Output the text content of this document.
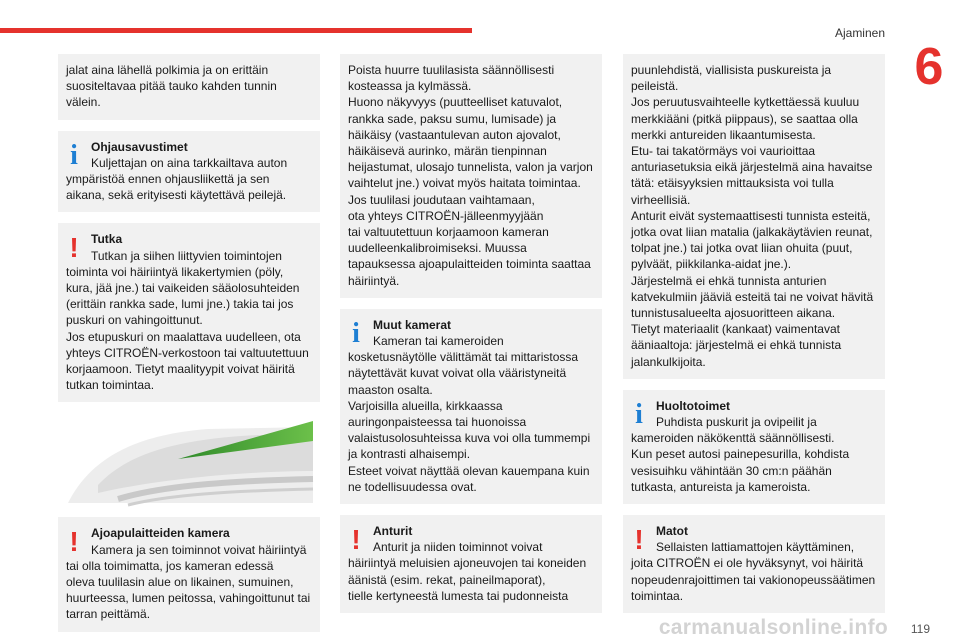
Ajaminen
6
jalat aina lähellä polkimia ja on erittäin
suositeltavaa pitää tauko kahden tunnin
välein.
i	Ohjausavustimet
Kuljettajan on aina tarkkailtava auton
ympäristöä ennen ohjausliikettä ja sen
aikana, sekä erityisesti käytettävä peilejä.
! Tutka
Tutkan ja siihen liittyvien toimintojen
toiminta voi häiriintyä likakertymien (pöly,
kura, jää jne.) tai vaikeiden sääolosuhteiden
(erittäin rankka sade, lumi jne.) takia tai jos
puskuri on vahingoittunut.
Jos etupuskuri on maalattava uudelleen, ota
yhteys CITROËN-verkostoon tai valtuutettuun
korjaamoon. Tietyt maalityypit voivat häiritä
tutkan toimintaa.
! Ajoapulaitteiden kamera
Kamera ja sen toiminnot voivat häiriintyä
tai olla toimimatta, jos kameran edessä
oleva tuulilasin alue on likainen, sumuinen,
huurteessa, lumen peitossa, vahingoittunut tai
tarran peittämä.
Poista huurre tuulilasista säännöllisesti
kosteassa ja kylmässä.
Huono näkyvyys (puutteelliset katuvalot,
rankka sade, paksu sumu, lumisade) ja
häikäisy (vastaantulevan auton ajovalot,
häikäisevä aurinko, märän tienpinnan
heijastumat, ulosajo tunnelista, valon ja varjon
vaihtelut jne.) voivat myös haitata toimintaa.
Jos tuulilasi joudutaan vaihtamaan,
ota yhteys CITROËN-jälleenmyyjään
tai valtuutettuun korjaamoon kameran
uudelleenkalibroimiseksi. Muussa
tapauksessa ajoapulaitteiden toiminta saattaa
häiriintyä.
i	Muut kamerat
Kameran tai kameroiden
kosketusnäytölle välittämät tai mittaristossa
näytettävät kuvat voivat olla vääristyneitä
maaston osalta.
Varjoisilla alueilla, kirkkaassa
auringonpaisteessa tai huonoissa
valaistusolosuhteissa kuva voi olla tummempi
ja kontrasti alhaisempi.
Esteet voivat näyttää olevan kauempana kuin
ne todellisuudessa ovat.
! Anturit
Anturit ja niiden toiminnot voivat
häiriintyä meluisien ajoneuvojen tai koneiden
äänistä (esim. rekat, paineilmaporat),
tielle kertyneestä lumesta tai pudonneista
puunlehdistä, viallisista puskureista ja
peileistä.
Jos peruutusvaihteelle kytkettäessä kuuluu
merkkiääni (pitkä piippaus), se saattaa olla
merkki antureiden likaantumisesta.
Etu- tai takatörmäys voi vaurioittaa
anturiasetuksia eikä järjestelmä aina havaitse
tätä: etäisyyksien mittauksista voi tulla
virheellisiä.
Anturit eivät systemaattisesti tunnista esteitä,
jotka ovat liian matalia (jalkakäytävien reunat,
tolpat jne.) tai jotka ovat liian ohuita (puut,
pylväät, piikkilanka-aidat jne.).
Järjestelmä ei ehkä tunnista anturien
katvekulmiin jääviä esteitä tai ne voivat hävitä
tunnistusalueelta ajosuoritteen aikana.
Tietyt materiaalit (kankaat) vaimentavat
ääniaaltoja: järjestelmä ei ehkä tunnista
jalankulkijoita.
i	Huoltotoimet
Puhdista puskurit ja ovipeilit ja
kameroiden näkökenttä säännöllisesti.
Kun peset autosi painepesurilla, kohdista
vesisuihku vähintään 30 cm:n päähän
tutkasta, antureista ja kameroista.
! Matot
Sellaisten lattiamattojen käyttäminen,
joita CITROËN ei ole hyväksynyt, voi häiritä
nopeudenrajoittimen tai vakionopeussäätimen
toimintaa.
carmanualsonline.info 119
